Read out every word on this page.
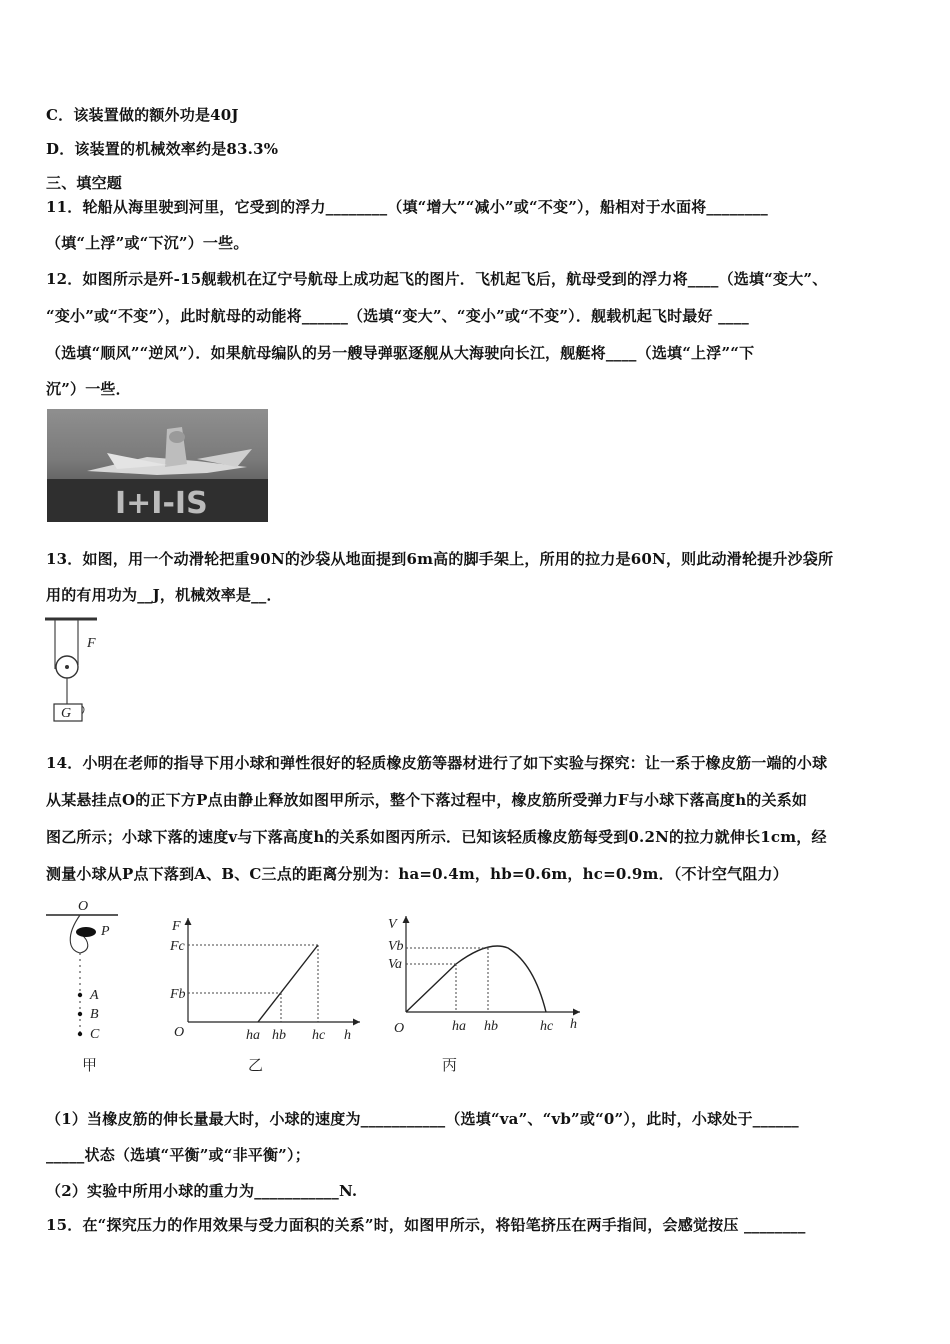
C．该装置做的额外功是40J
D．该装置的机械效率约是83.3%
三、填空题
11．轮船从海里驶到河里，它受到的浮力________（填“增大”“减小”或“不变”），船相对于水面将________
（填“上浮”或“下沉”）一些。
12．如图所示是歼-15舰载机在辽宁号航母上成功起飞的图片．飞机起飞后，航母受到的浮力将____（选填“变大”、
“变小”或“不变”），此时航母的动能将______（选填“变大”、“变小”或“不变”）．舰载机起飞时最好 ____
（选填“顺风”“逆风”）．如果航母编队的另一艘导弹驱逐舰从大海驶向长江，舰艇将____（选填“上浮”“下
沉”）一些．
I+I-IS
13．如图，用一个动滑轮把重90N的沙袋从地面提到6m高的脚手架上，所用的拉力是60N，则此动滑轮提升沙袋所
用的有用功为__J，机械效率是__．
G
F
14．小明在老师的指导下用小球和弹性很好的轻质橡皮筋等器材进行了如下实验与探究：让一系于橡皮筋一端的小球
从某悬挂点O的正下方P点由静止释放如图甲所示，整个下落过程中，橡皮筋所受弹力F与小球下落高度h的关系如
图乙所示；小球下落的速度v与下落高度h的关系如图丙所示．已知该轻质橡皮筋每受到0.2N的拉力就伸长1cm，经
测量小球从P点下落到A、B、C三点的距离分别为：ha=0.4m，hb=0.6m，hc=0.9m．（不计空气阻力）
O
P
A
B
C
甲
F
Fc
Fb
O	ha hb hc h
乙
V
Vb
Va
O	ha hb	hc h
丙
（1）当橡皮筋的伸长量最大时，小球的速度为___________（选填“va”、“vb”或“0”），此时，小球处于______
_____状态（选填“平衡”或“非平衡”）；
（2）实验中所用小球的重力为___________N.
15．在“探究压力的作用效果与受力面积的关系”时，如图甲所示，将铅笔挤压在两手指间，会感觉按压 ________
